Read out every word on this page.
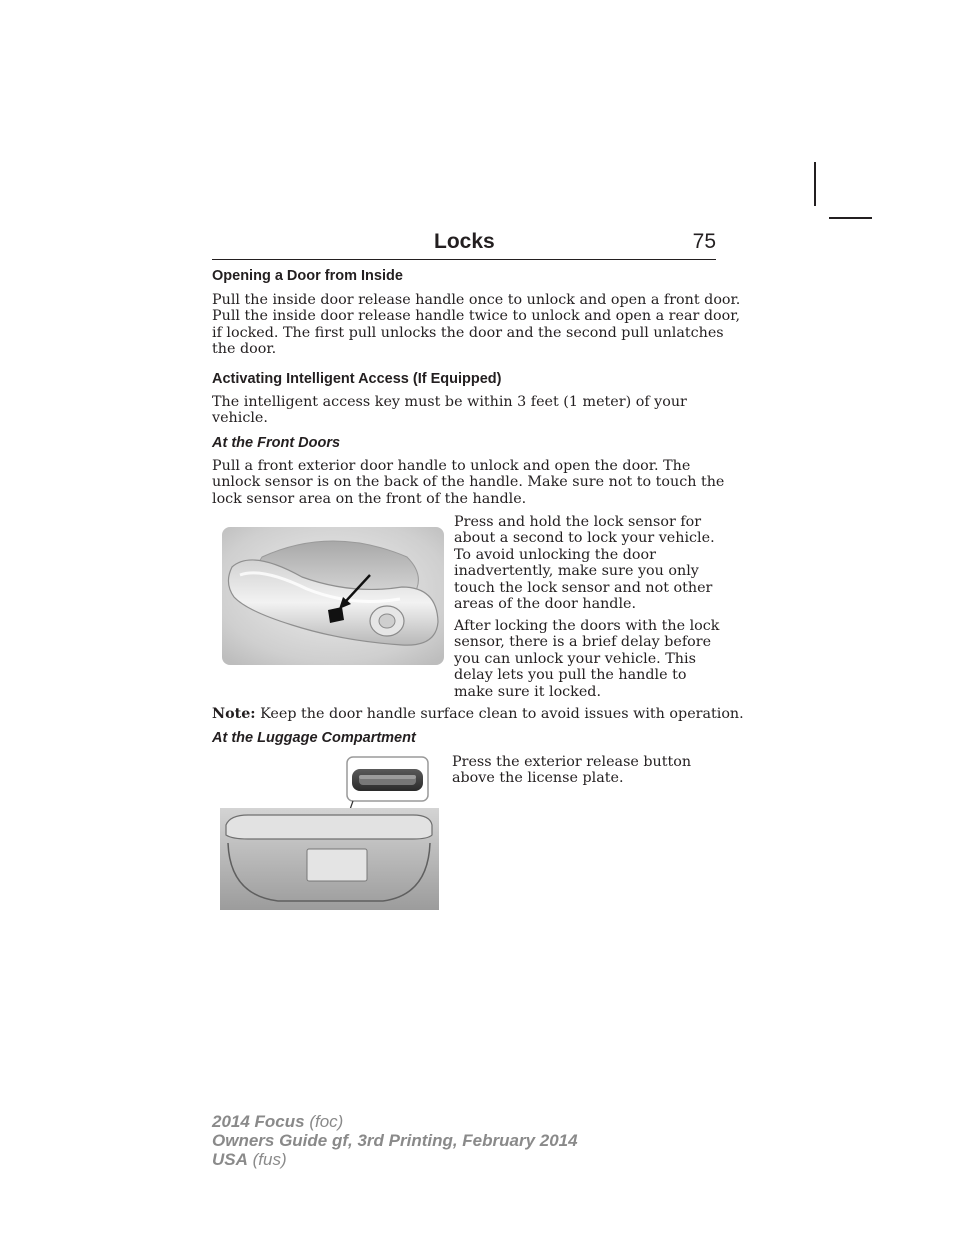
Locks	75
Opening a Door from Inside

Pull the inside door release handle once to unlock and open a front door.

Pull the inside door release handle twice to unlock and open a rear door,

if locked. The first pull unlocks the door and the second pull unlatches

the door.

Activating Intelligent Access (If Equipped)

The intelligent access key must be within 3 feet (1 meter) of your

vehicle.

At the Front Doors

Pull a front exterior door handle to unlock and open the door. The

unlock sensor is on the back of the handle. Make sure not to touch the

lock sensor area on the front of the handle.

Press and hold the lock sensor for

about a second to lock your vehicle.

To avoid unlocking the door

inadvertently, make sure you only

touch the lock sensor and not other

areas of the door handle.

After locking the doors with the lock

sensor, there is a brief delay before

you can unlock your vehicle. This

delay lets you pull the handle to

make sure it locked.

Note: Keep the door handle surface clean to avoid issues with operation.

At the Luggage Compartment

Press the exterior release button

above the license plate.

2014 Focus (foc)
Owners Guide gf, 3rd Printing, February 2014
USA (fus)
